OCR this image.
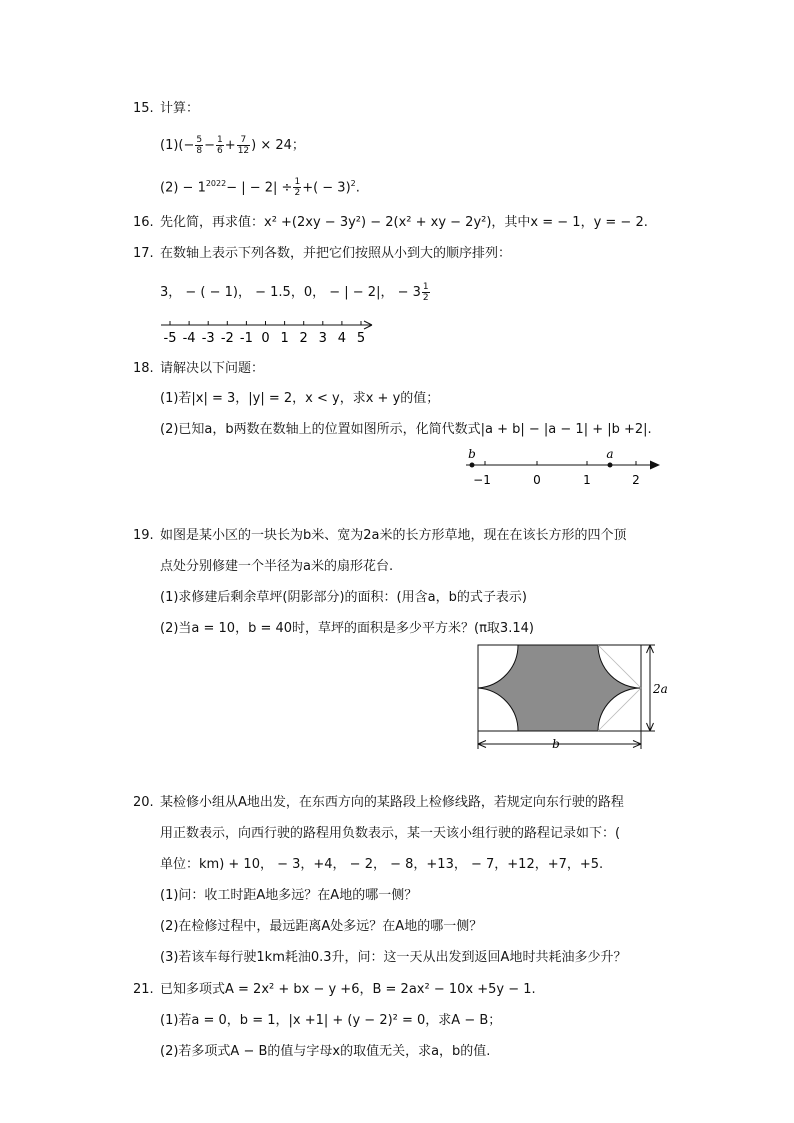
15. 计算：
$(1)(- \frac{5}{8} - \frac{1}{6} + \frac{7}{12}$ ) × 24；
$(2) - 1^{2022}-$ | − $2| \div \frac{1}{2}$ +( − 3)$^2$.
16. 先化简，再求值：x² +(2xy − 3y²) − 2(x² + xy − 2y²)，其中x = − 1，y = − 2.
17. 在数轴上表示下列各数，并把它们按照从小到大的顺序排列：
3， − ( − 1)， − 1.5，0， − | − 2|， − $3 \frac{1}{2}$
-5 -4 -3 -2 -1 0 1 2 3 4 5
18. 请解决以下问题：
(1)若|x| = 3，|y| = 2，x < y，求x + y的值；
(2)已知a，b两数在数轴上的位置如图所示，化简代数式|a + b| − |a − 1| + |b +2|.
−1	0	1	2
b	a
19. 如图是某小区的一块长为b米、宽为2a米的长方形草地，现在在该长方形的四个顶
点处分别修建一个半径为a米的扇形花台.
(1)求修建后剩余草坪(阴影部分)的面积：(用含a，b的式子表示)
(2)当a = 10，b = 40时，草坪的面积是多少平方米？(π取3.14)
2a
b
20. 某检修小组从A地出发，在东西方向的某路段上检修线路，若规定向东行驶的路程
用正数表示，向西行驶的路程用负数表示，某一天该小组行驶的路程记录如下：(
单位：km) + 10， − 3，+4， − 2， − 8，+13， − 7，+12，+7，+5.
(1)问：收工时距A地多远？在A地的哪一侧？
(2)在检修过程中，最远距离A处多远？在A地的哪一侧？
(3)若该车每行驶1km耗油0.3升，问：这一天从出发到返回A地时共耗油多少升？
21. 已知多项式A = 2x² + bx − y +6，B = 2ax² − 10x +5y − 1.
(1)若a = 0，b = 1，|x +1| + (y − 2)² = 0，求A − B；
(2)若多项式A − B的值与字母x的取值无关，求a，b的值.
